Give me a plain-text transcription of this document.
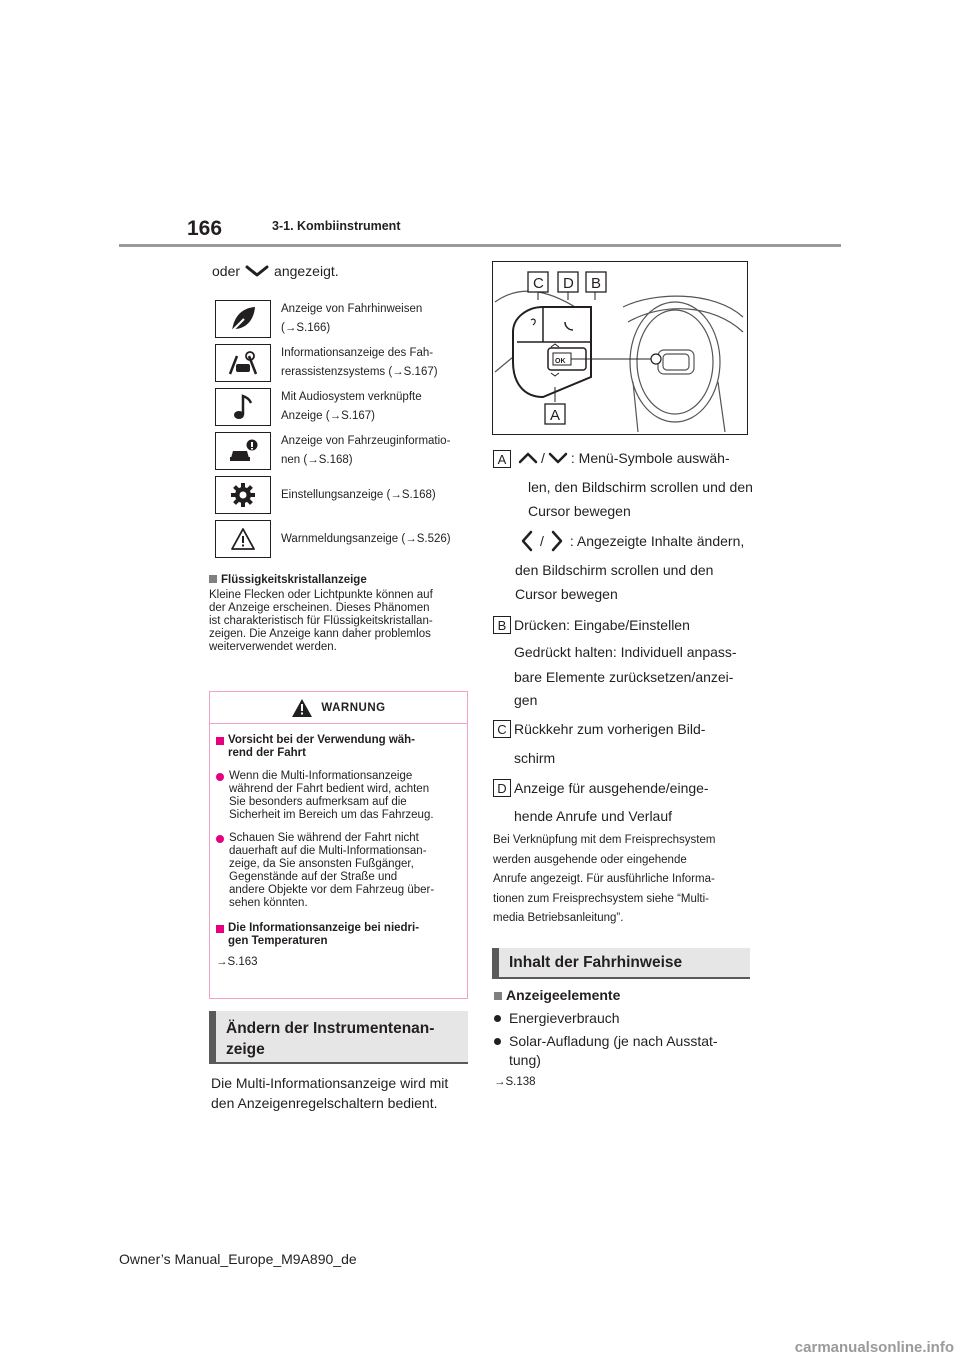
166	3-1. Kombiinstrument
oder angezeigt.
Anzeige von Fahrhinweisen
(→S.166)
Informationsanzeige des Fah-
rerassistenzsystems (→S.167)
Mit Audiosystem verknüpfte
Anzeige (→S.167)
Anzeige von Fahrzeuginformatio-
nen (→S.168)
Einstellungsanzeige (→S.168)
Warnmeldungsanzeige (→S.526)
Flüssigkeitskristallanzeige
Kleine Flecken oder Lichtpunkte können auf
der Anzeige erscheinen. Dieses Phänomen
ist charakteristisch für Flüssigkeitskristallan-
zeigen. Die Anzeige kann daher problemlos
weiterverwendet werden.
WARNUNG
Vorsicht bei der Verwendung wäh-
rend der Fahrt
Wenn die Multi-Informationsanzeige
während der Fahrt bedient wird, achten
Sie besonders aufmerksam auf die
Sicherheit im Bereich um das Fahrzeug.
Schauen Sie während der Fahrt nicht
dauerhaft auf die Multi-Informationsan-
zeige, da Sie ansonsten Fußgänger,
Gegenstände auf der Straße und
andere Objekte vor dem Fahrzeug über-
sehen könnten.
Die Informationsanzeige bei niedri-
gen Temperaturen
→S.163
Ändern der Instrumentenan-
zeige
Die Multi-Informationsanzeige wird mit
den Anzeigenregelschaltern bedient.
OK
C D B
A
A	/ : Menü-Symbole auswäh-
len, den Bildschirm scrollen und den
Cursor bewegen
/ : Angezeigte Inhalte ändern,
den Bildschirm scrollen und den
Cursor bewegen
B Drücken: Eingabe/Einstellen
Gedrückt halten: Individuell anpass-
bare Elemente zurücksetzen/anzei-
gen
C Rückkehr zum vorherigen Bild-
schirm
D Anzeige für ausgehende/einge-
hende Anrufe und Verlauf
Bei Verknüpfung mit dem Freisprechsystem
werden ausgehende oder eingehende
Anrufe angezeigt. Für ausführliche Informa-
tionen zum Freisprechsystem siehe “Multi-
media Betriebsanleitung”.
Inhalt der Fahrhinweise
Anzeigeelemente
Energieverbrauch
Solar-Aufladung (je nach Ausstat-
tung)
→S.138
Owner’s Manual_Europe_M9A890_de
carmanualsonline.info
